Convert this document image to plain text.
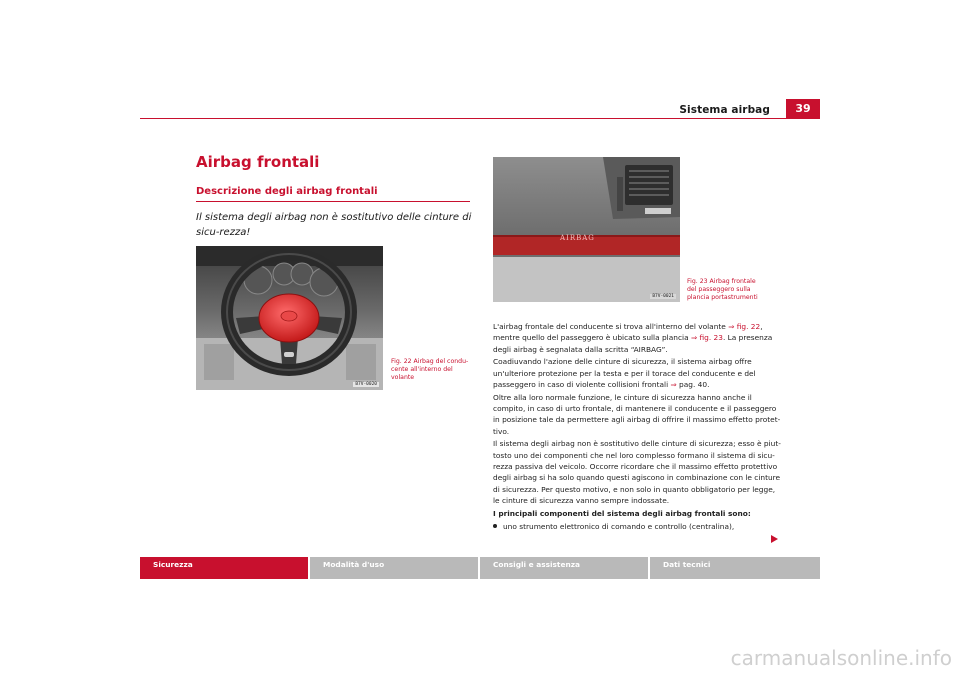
Sistema airbag	39
Airbag frontali
Descrizione degli airbag frontali
Il sistema degli airbag non è sostitutivo delle cinture di sicu-rezza!
B7V-0020
Fig. 22 Airbag del condu-cente all'interno del volante
AIRBAG
B7V-0021
Fig. 23 Airbag frontale del passeggero sulla plancia portastrumenti

L'airbag frontale del conducente si trova all'interno del volante ⇒ fig. 22, mentre quello del passeggero è ubicato sulla plancia ⇒ fig. 23. La presenza degli airbag è segnalata dalla scritta “AIRBAG”.

Coadiuvando l'azione delle cinture di sicurezza, il sistema airbag offre un'ulteriore protezione per la testa e per il torace del conducente e del passeggero in caso di violente collisioni frontali ⇒ pag. 40.

Oltre alla loro normale funzione, le cinture di sicurezza hanno anche il compito, in caso di urto frontale, di mantenere il conducente e il passeggero in posizione tale da permettere agli airbag di offrire il massimo effetto protet-tivo.

Il sistema degli airbag non è sostitutivo delle cinture di sicurezza; esso è piut-tosto uno dei componenti che nel loro complesso formano il sistema di sicu-rezza passiva del veicolo. Occorre ricordare che il massimo effetto protettivo degli airbag si ha solo quando questi agiscono in combinazione con le cinture di sicurezza. Per questo motivo, e non solo in quanto obbligatorio per legge, le cinture di sicurezza vanno sempre indossate.

I principali componenti del sistema degli airbag frontali sono:

uno strumento elettronico di comando e controllo (centralina),
Sicurezza	Modalità d'uso	Consigli e assistenza	Dati tecnici
carmanualsonline.info
